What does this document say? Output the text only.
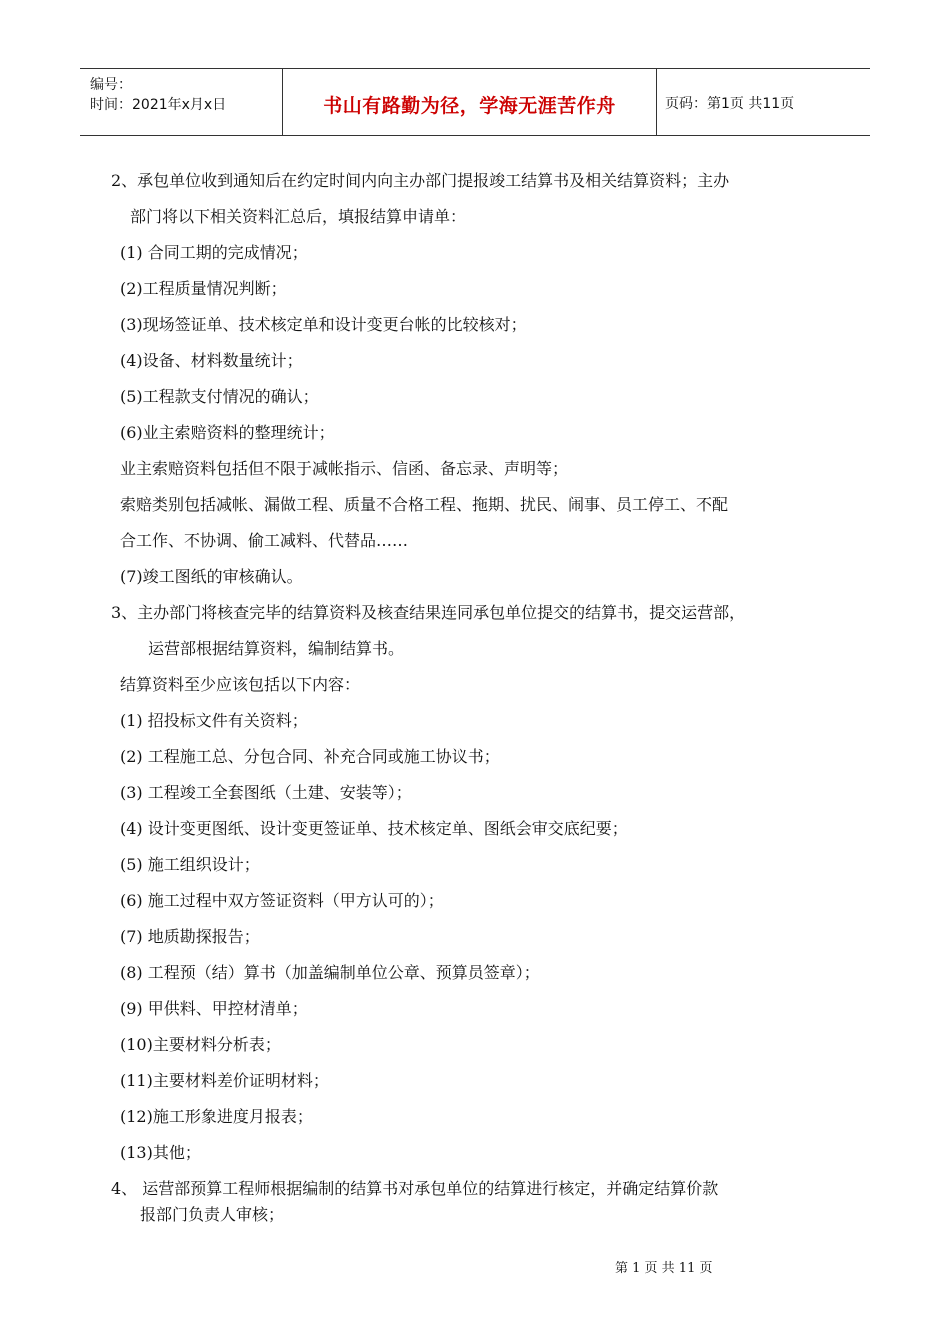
编号：
时间：2021年x月x日	书山有路勤为径，学海无涯苦作舟	页码：第1页 共11页
2、承包单位收到通知后在约定时间内向主办部门提报竣工结算书及相关结算资料；主办
部门将以下相关资料汇总后，填报结算申请单：
(1) 合同工期的完成情况；
(2)工程质量情况判断；
(3)现场签证单、技术核定单和设计变更台帐的比较核对；
(4)设备、材料数量统计；
(5)工程款支付情况的确认；
(6)业主索赔资料的整理统计；
业主索赔资料包括但不限于减帐指示、信函、备忘录、声明等；
索赔类别包括减帐、漏做工程、质量不合格工程、拖期、扰民、闹事、员工停工、不配
合工作、不协调、偷工减料、代替品……
(7)竣工图纸的审核确认。
3、主办部门将核查完毕的结算资料及核查结果连同承包单位提交的结算书，提交运营部，
运营部根据结算资料，编制结算书。
结算资料至少应该包括以下内容：
(1) 招投标文件有关资料；
(2) 工程施工总、分包合同、补充合同或施工协议书；
(3) 工程竣工全套图纸（土建、安装等）；
(4) 设计变更图纸、设计变更签证单、技术核定单、图纸会审交底纪要；
(5) 施工组织设计；
(6) 施工过程中双方签证资料（甲方认可的）；
(7) 地质勘探报告；
(8) 工程预（结）算书（加盖编制单位公章、预算员签章）；
(9) 甲供料、甲控材清单；
(10)主要材料分析表；
(11)主要材料差价证明材料；
(12)施工形象进度月报表；
(13)其他；
4、 运营部预算工程师根据编制的结算书对承包单位的结算进行核定，并确定结算价款
报部门负责人审核；
第 1 页 共 11 页
